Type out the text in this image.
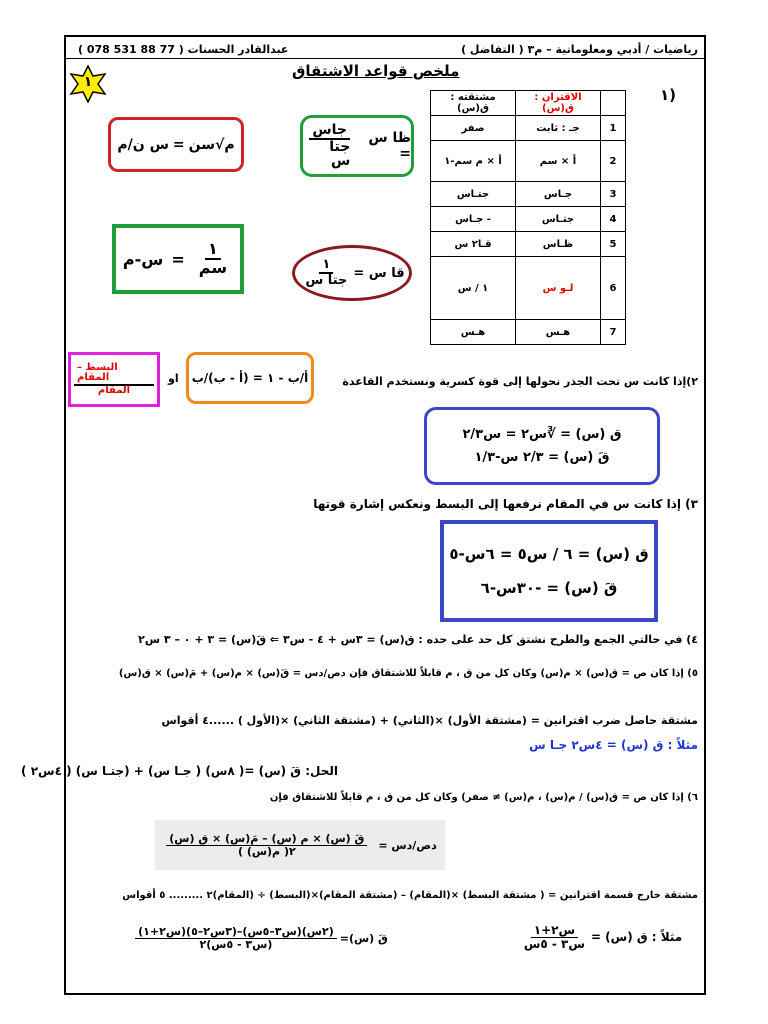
رياضيات / أدبي ومعلوماتية – م٣ ( التفاضل )
عبدالقادر الحسنات ( 77 88 531 078 )
ملخص قواعد الاشتقاق
١
١)
	الاقتران : ق(س)	مشتقته : ق(س)
1	جـ : ثابت	صفر
2	أ × سم	أ × م سم-١
3	جـاس	جتـاس
4	جتـاس	- جـاس
5	ظـاس	قـا٢ س
6	لـو س	١ / س
7	هـس	هـس
س ن/م = م√سن	ظا س =
$\frac{\text{جاس}}{\text{جتا س}}$
س-م = $\frac{١}{\text{سم}}$	قا س =
$\frac{١}{\text{جتا س}}$
$\frac{\text{البسط – المقام}}{\text{المقام}}$ او أ/ب - ١ = (أ - ب)/ب	٢)إذا كانت س تحت الجذر نحولها إلى قوة كسرية ونستخدم القاعدة
ق (س) = ∛س٢ = س٢/٣
قَ (س) = ٢/٣ س-١/٣
٣) إذا كانت س في المقام نرفعها إلى البسط ونعكس إشارة قوتها
ق (س) = ٦ / س٥ = ٦س-٥
قَ (س) = -٣٠س-٦
٤) في حالتي الجمع والطرح نشتق كل حد على حده : ق(س) = ٣س + ٤ - س٣ ⇐ قَ(س) = ٣ + ٠ – ٣ س٢
٥) إذا كان ص = ق(س) × م(س) وكان كل من ق ، م قابلاً للاشتقاق فإن دص/دس = قَ(س) × م(س) + مَ(س) × ق(س)
مشتقة حاصل ضرب اقترانين = (مشتقة الأول) ×(الثاني) + (مشتقة الثاني) ×(الأول ) ......٤ أقواس
مثلاً : ق (س) = ٤س٢ جـا س
الحل: قَ (س) =( ٨س) ( جـا س) + (جتـا س) ( ٤س٢ )
٦) إذا كان ص = ق(س) / م(س) ، م(س) ≠ صفر) وكان كل من ق ، م قابلاً للاشتقاق فإن
$\frac{\text{قَ (س) × م (س) – مَ(س) × ق (س)}}{\text{( م(س) )٢}}$ دص/دس =
مشتقة خارج قسمة اقترانين = ( مشتقة البسط) ×(المقام) – (مشتقة المقام)×(البسط) ÷ (المقام)٢ ......... ٥ أقواس
مثلاً : ق (س) =
$\frac{\text{س٢+١}}{\text{س٣ - ٥س}}$
قَ (س)=
$\frac{\text{(٢س)(س٣–٥س)–(٣س٢–٥)(س٢+١)}}{\text{(س٣ - ٥س)٢}}$
